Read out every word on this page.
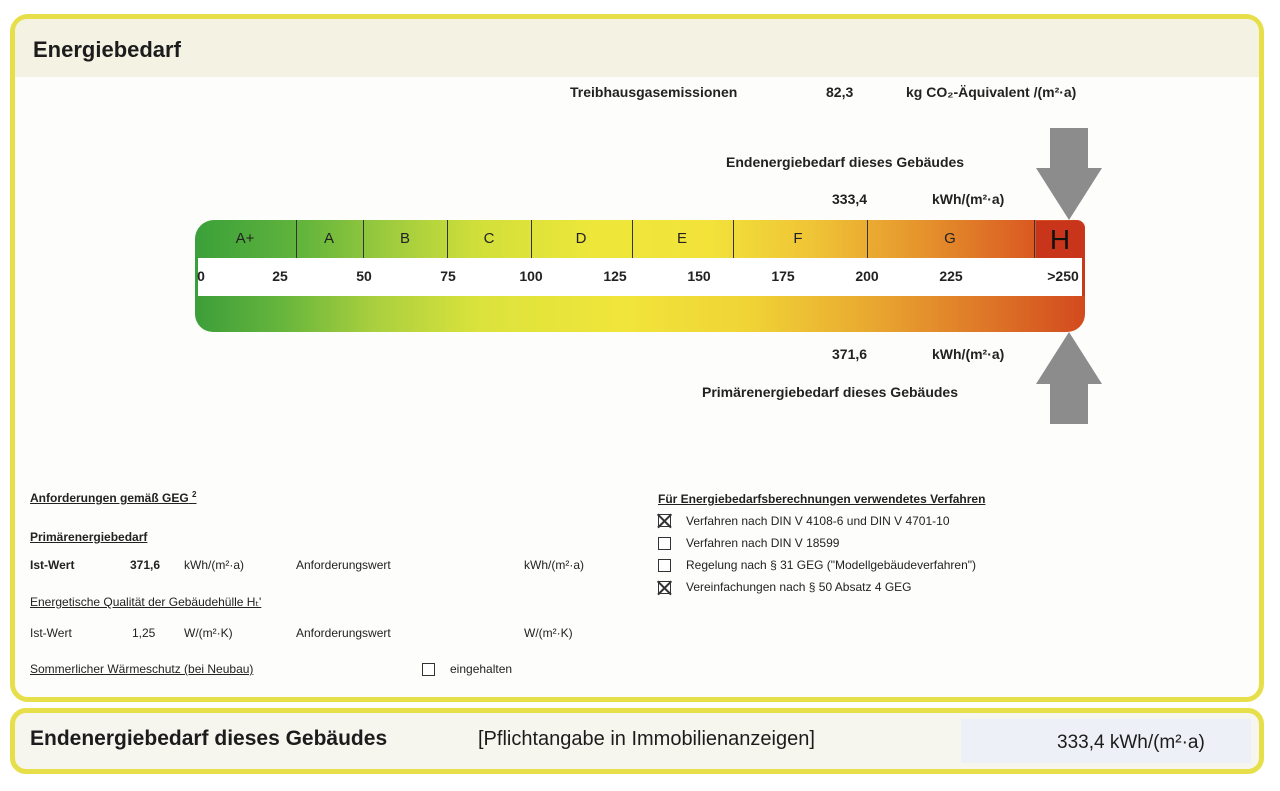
Energiebedarf
Treibhausgasemissionen	82,3	kg CO₂-Äquivalent /(m²·a)
Endenergiebedarf dieses Gebäudes
333,4	kWh/(m²·a)
A+	A	B	C	D	E	F	G	H
0	25	50	75	100	125	150	175	200	225	>250
371,6	kWh/(m²·a)
Primärenergiebedarf dieses Gebäudes
Anforderungen gemäß GEG $^2$
Primärenergiebedarf
Ist-Wert	371,6 kWh/(m²·a)	Anforderungswert	kWh/(m²·a)
Energetische Qualität der Gebäudehülle Hₜ'
Ist-Wert	1,25 W/(m²·K)	Anforderungswert	W/(m²·K)
Sommerlicher Wärmeschutz (bei Neubau)	eingehalten
Für Energiebedarfsberechnungen verwendetes Verfahren
Verfahren nach DIN V 4108-6 und DIN V 4701-10
Verfahren nach DIN V 18599
Regelung nach § 31 GEG ("Modellgebäudeverfahren")
Vereinfachungen nach § 50 Absatz 4 GEG
Endenergiebedarf dieses Gebäudes	[Pflichtangabe in Immobilienanzeigen]	333,4 kWh/(m²·a)
